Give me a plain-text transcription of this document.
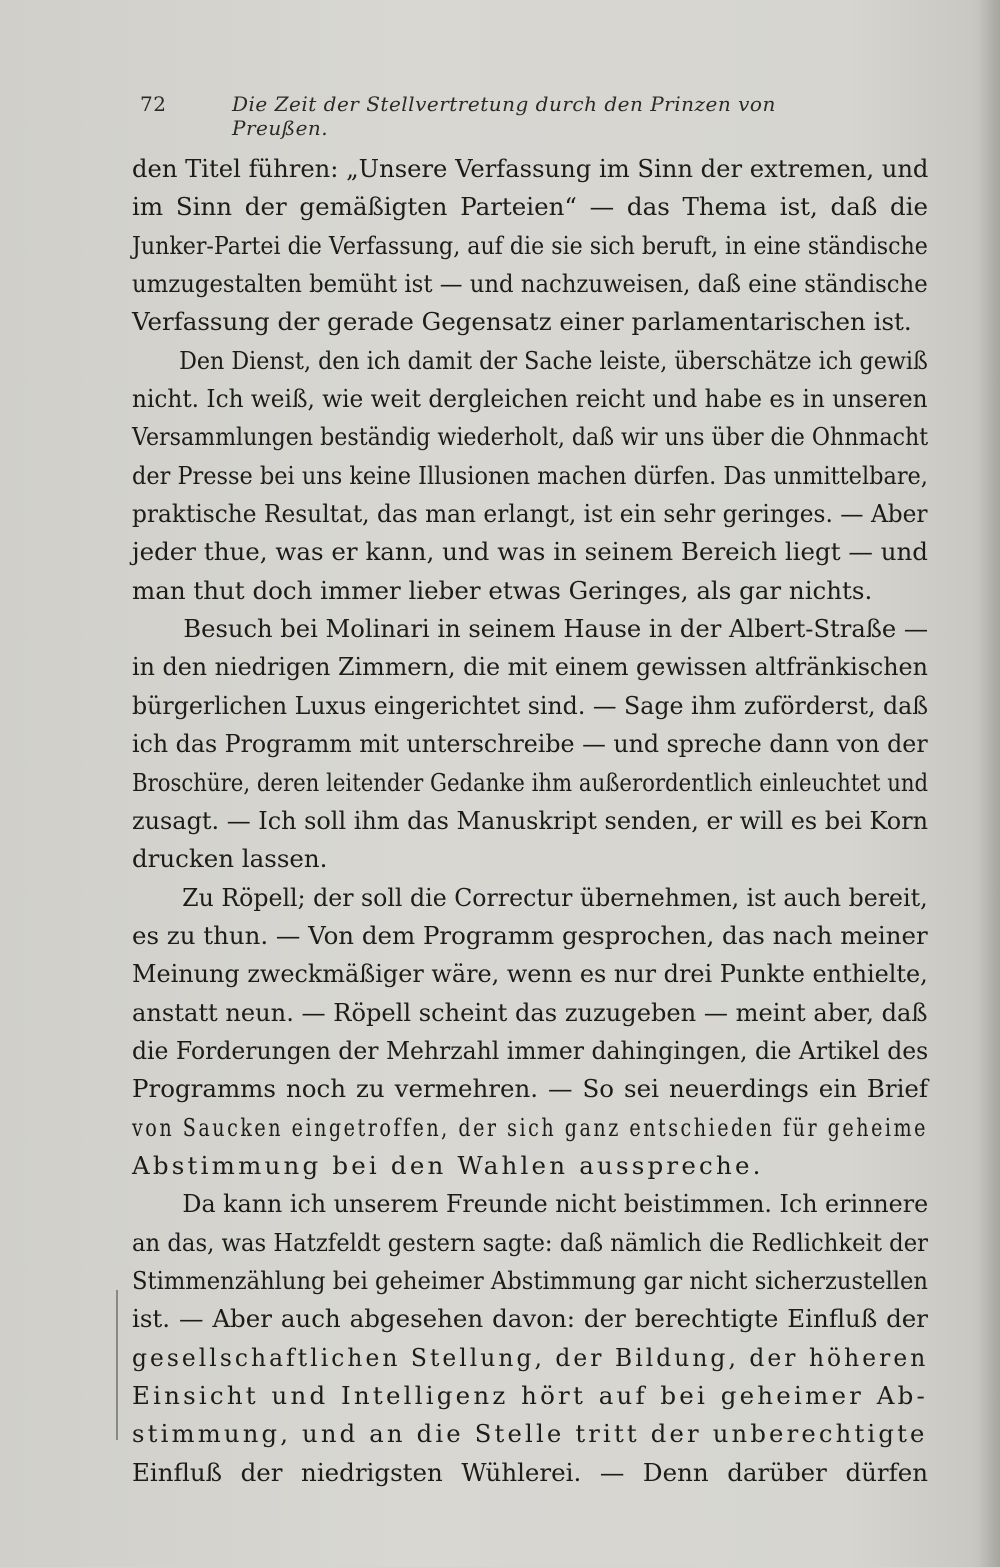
72	Die Zeit der Stellvertretung durch den Prinzen von Preußen.
den Titel führen: „Unsere Verfassung im Sinn der extremen, und
im Sinn der gemäßigten Parteien“ — das Thema ist, daß die
Junker-Partei die Verfassung, auf die sie sich beruft, in eine ständische
umzugestalten bemüht ist — und nachzuweisen, daß eine ständische
Verfassung der gerade Gegensatz einer parlamentarischen ist.
Den Dienst, den ich damit der Sache leiste, überschätze ich gewiß
nicht. Ich weiß, wie weit dergleichen reicht und habe es in unseren
Versammlungen beständig wiederholt, daß wir uns über die Ohnmacht
der Presse bei uns keine Illusionen machen dürfen. Das unmittelbare,
praktische Resultat, das man erlangt, ist ein sehr geringes. — Aber
jeder thue, was er kann, und was in seinem Bereich liegt — und
man thut doch immer lieber etwas Geringes, als gar nichts.
Besuch bei Molinari in seinem Hause in der Albert-Straße —
in den niedrigen Zimmern, die mit einem gewissen altfränkischen
bürgerlichen Luxus eingerichtet sind. — Sage ihm zuförderst, daß
ich das Programm mit unterschreibe — und spreche dann von der
Broschüre, deren leitender Gedanke ihm außerordentlich einleuchtet und
zusagt. — Ich soll ihm das Manuskript senden, er will es bei Korn
drucken lassen.
Zu Röpell; der soll die Correctur übernehmen, ist auch bereit,
es zu thun. — Von dem Programm gesprochen, das nach meiner
Meinung zweckmäßiger wäre, wenn es nur drei Punkte enthielte,
anstatt neun. — Röpell scheint das zuzugeben — meint aber, daß
die Forderungen der Mehrzahl immer dahingingen, die Artikel des
Programms noch zu vermehren. — So sei neuerdings ein Brief
von Saucken eingetroffen, der sich ganz entschieden für geheime
Abstimmung bei den Wahlen ausspreche.
Da kann ich unserem Freunde nicht beistimmen. Ich erinnere
an das, was Hatzfeldt gestern sagte: daß nämlich die Redlichkeit der
Stimmenzählung bei geheimer Abstimmung gar nicht sicherzustellen
ist. — Aber auch abgesehen davon: der berechtigte Einfluß der
gesellschaftlichen Stellung, der Bildung, der höheren
Einsicht und Intelligenz hört auf bei geheimer Ab-
stimmung, und an die Stelle tritt der unberechtigte
Einfluß der niedrigsten Wühlerei. — Denn darüber dürfen
